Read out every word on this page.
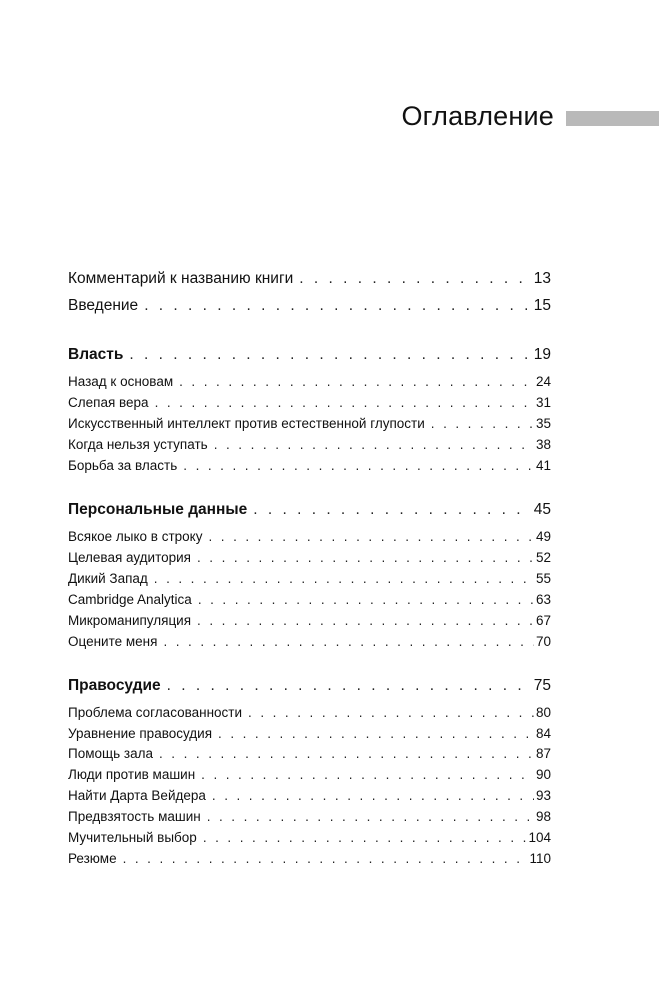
Оглавление
Комментарий к названию книги . . .	13
Введение . . .	15
Власть . . .	19
Назад к основам . . .	24
Слепая вера . . .	31
Искусственный интеллект против естественной глупости . . .	35
Когда нельзя уступать . . .	38
Борьба за власть . . .	41
Персональные данные . . .	45
Всякое лыко в строку . . .	49
Целевая аудитория . . .	52
Дикий Запад . . .	55
Cambridge Analytica . . .	63
Микроманипуляция . . .	67
Оцените меня . . .	70
Правосудие . . .	75
Проблема согласованности . . .	80
Уравнение правосудия . . .	84
Помощь зала . . .	87
Люди против машин . . .	90
Найти Дарта Вейдера . . .	93
Предвзятость машин . . .	98
Мучительный выбор . . .	104
Резюме . . .	110
